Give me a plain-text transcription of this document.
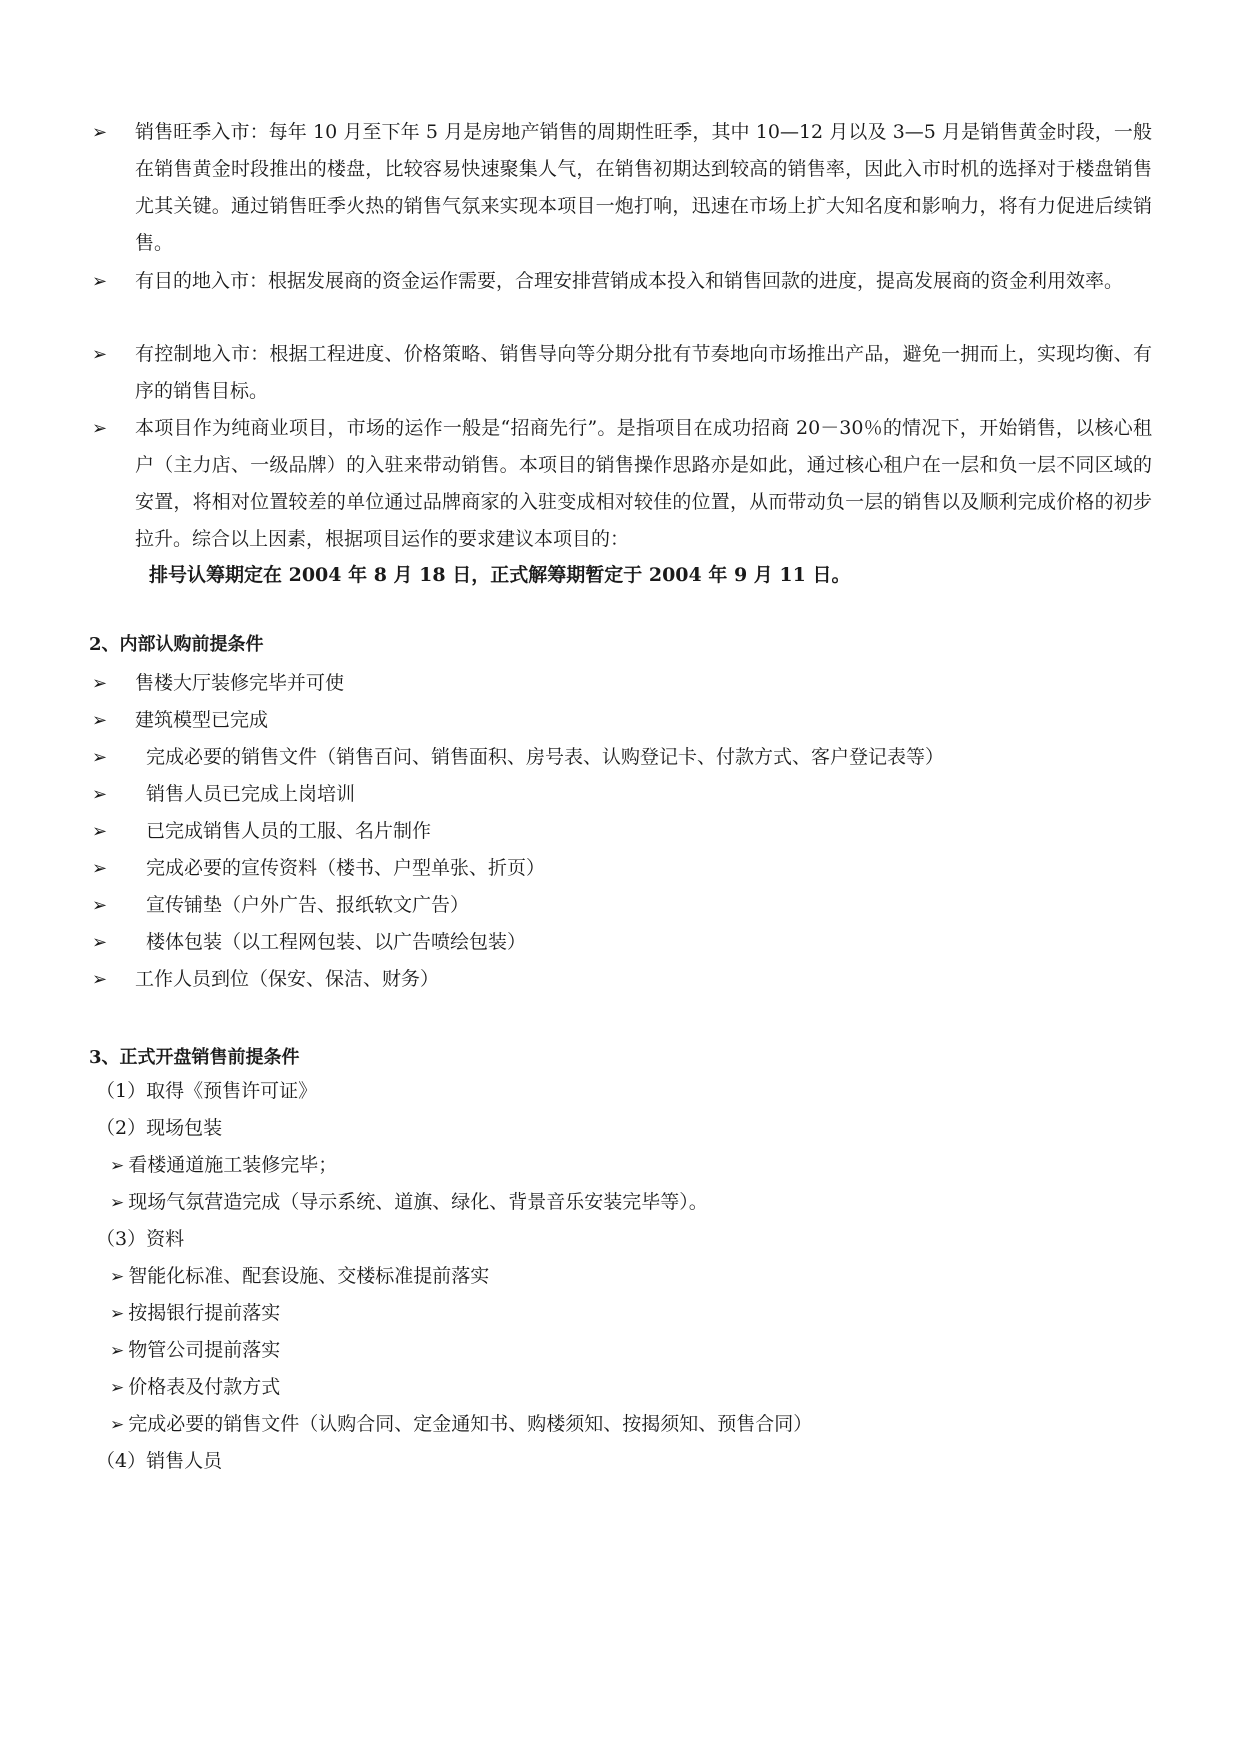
➢	销售旺季入市：每年 10 月至下年 5 月是房地产销售的周期性旺季，其中 10—12 月以及 3—5 月是销售黄金时段，一般在销售黄金时段推出的楼盘，比较容易快速聚集人气，在销售初期达到较高的销售率，因此入市时机的选择对于楼盘销售尤其关键。通过销售旺季火热的销售气氛来实现本项目一炮打响，迅速在市场上扩大知名度和影响力，将有力促进后续销售。
➢	有目的地入市：根据发展商的资金运作需要，合理安排营销成本投入和销售回款的进度，提高发展商的资金利用效率。
➢	有控制地入市：根据工程进度、价格策略、销售导向等分期分批有节奏地向市场推出产品，避免一拥而上，实现均衡、有序的销售目标。
➢	本项目作为纯商业项目，市场的运作一般是“招商先行”。是指项目在成功招商 20－30％的情况下，开始销售，以核心租户（主力店、一级品牌）的入驻来带动销售。本项目的销售操作思路亦是如此，通过核心租户在一层和负一层不同区域的安置，将相对位置较差的单位通过品牌商家的入驻变成相对较佳的位置，从而带动负一层的销售以及顺利完成价格的初步拉升。综合以上因素，根据项目运作的要求建议本项目的：
排号认筹期定在 2004 年 8 月 18 日，正式解筹期暂定于 2004 年 9 月 11 日。
2、内部认购前提条件
➢ 售楼大厅装修完毕并可使
➢ 建筑模型已完成
➢ 完成必要的销售文件（销售百问、销售面积、房号表、认购登记卡、付款方式、客户登记表等）
➢ 销售人员已完成上岗培训
➢ 已完成销售人员的工服、名片制作
➢ 完成必要的宣传资料（楼书、户型单张、折页）
➢ 宣传铺垫（户外广告、报纸软文广告）
➢ 楼体包装（以工程网包装、以广告喷绘包装）
➢ 工作人员到位（保安、保洁、财务）
3、正式开盘销售前提条件
（1）取得《预售许可证》
（2）现场包装
➢ 看楼通道施工装修完毕；
➢ 现场气氛营造完成（导示系统、道旗、绿化、背景音乐安装完毕等）。
（3）资料
➢ 智能化标准、配套设施、交楼标准提前落实
➢ 按揭银行提前落实
➢ 物管公司提前落实
➢ 价格表及付款方式
➢ 完成必要的销售文件（认购合同、定金通知书、购楼须知、按揭须知、预售合同）
（4）销售人员
